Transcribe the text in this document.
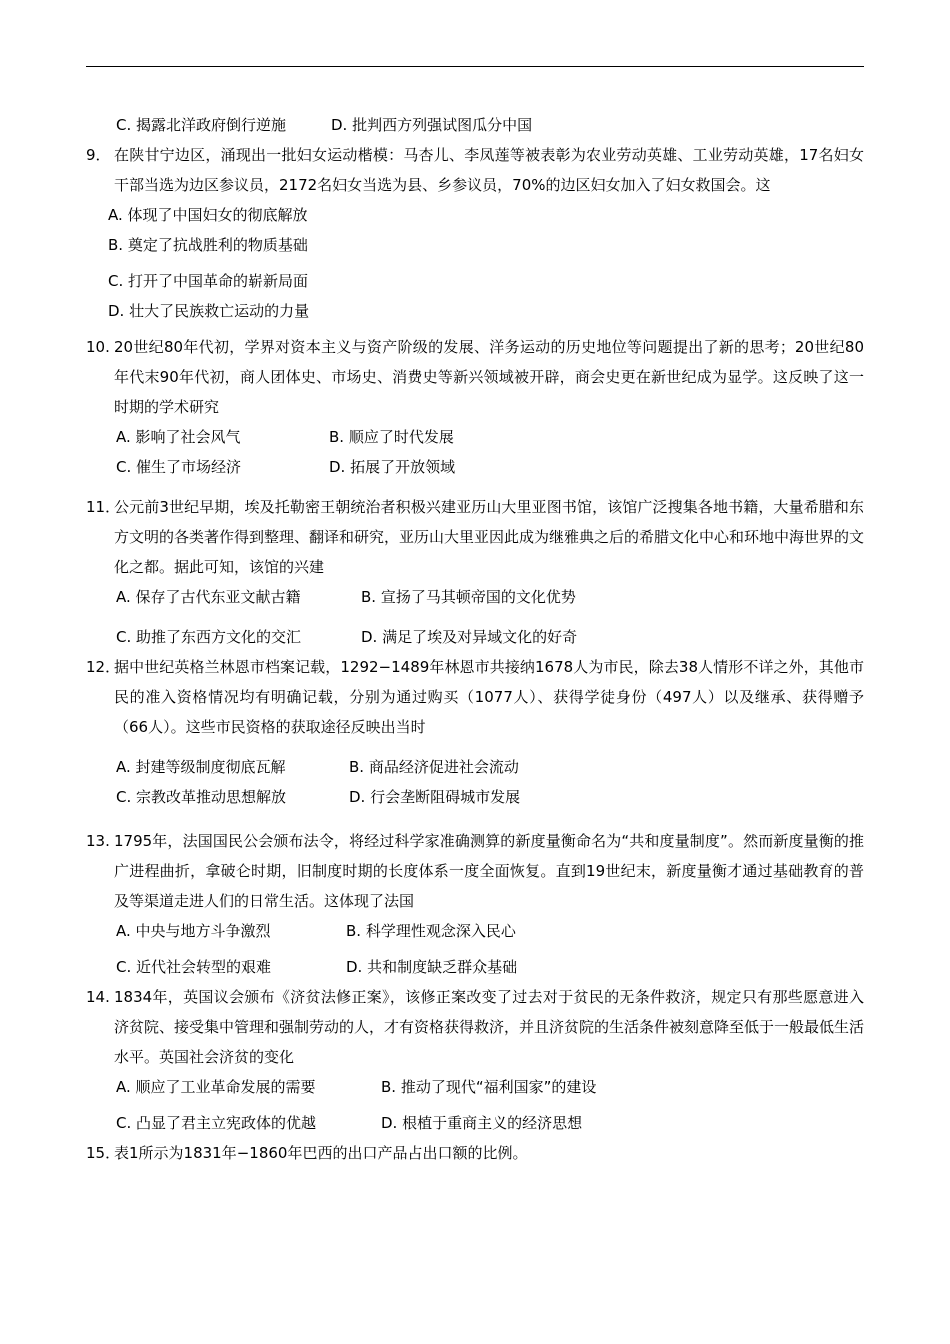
C. 揭露北洋政府倒行逆施	D. 批判西方列强试图瓜分中国
9． 在陕甘宁边区，涌现出一批妇女运动楷模：马杏儿、李凤莲等被表彰为农业劳动英雄、工业劳动英雄，17名妇女干部当选为边区参议员，2172名妇女当选为县、乡参议员，70%的边区妇女加入了妇女救国会。这
A. 体现了中国妇女的彻底解放
B. 奠定了抗战胜利的物质基础
C. 打开了中国革命的崭新局面
D. 壮大了民族救亡运动的力量
10. 20世纪80年代初，学界对资本主义与资产阶级的发展、洋务运动的历史地位等问题提出了新的思考；20世纪80年代末90年代初，商人团体史、市场史、消费史等新兴领域被开辟，商会史更在新世纪成为显学。这反映了这一时期的学术研究
A. 影响了社会风气	B. 顺应了时代发展
C. 催生了市场经济	D. 拓展了开放领域
11．
公元前3世纪早期，埃及托勒密王朝统治者积极兴建亚历山大里亚图书馆，该馆广泛搜集各地书籍，大量希腊和东方文明的各类著作得到整理、翻译和研究，亚历山大里亚因此成为继雅典之后的希腊文化中心和环地中海世界的文化之都。据此可知，该馆的兴建
A. 保存了古代东亚文献古籍	B. 宣扬了马其顿帝国的文化优势
C. 助推了东西方文化的交汇	D. 满足了埃及对异域文化的好奇
12．
据中世纪英格兰林恩市档案记载，1292−1489年林恩市共接纳1678人为市民，除去38人情形不详之外，其他市民的准入资格情况均有明确记载，分别为通过购买（1077人）、获得学徒身份（497人）以及继承、获得赠予（66人）。这些市民资格的获取途径反映出当时
A. 封建等级制度彻底瓦解	B. 商品经济促进社会流动
C. 宗教改革推动思想解放	D. 行会垄断阻碍城市发展
13. 1795年，法国国民公会颁布法令，将经过科学家准确测算的新度量衡命名为“共和度量制度”。然而新度量衡的推广进程曲折，拿破仑时期，旧制度时期的长度体系一度全面恢复。直到19世纪末，新度量衡才通过基础教育的普及等渠道走进人们的日常生活。这体现了法国
A. 中央与地方斗争激烈	B. 科学理性观念深入民心
C. 近代社会转型的艰难	D. 共和制度缺乏群众基础
14. 1834年，英国议会颁布《济贫法修正案》，该修正案改变了过去对于贫民的无条件救济，规定只有那些愿意进入济贫院、接受集中管理和强制劳动的人，才有资格获得救济，并且济贫院的生活条件被刻意降至低于一般最低生活水平。英国社会济贫的变化
A. 顺应了工业革命发展的需要	B. 推动了现代“福利国家”的建设
C. 凸显了君主立宪政体的优越	D. 根植于重商主义的经济思想
15．
表1所示为1831年−1860年巴西的出口产品占出口额的比例。
